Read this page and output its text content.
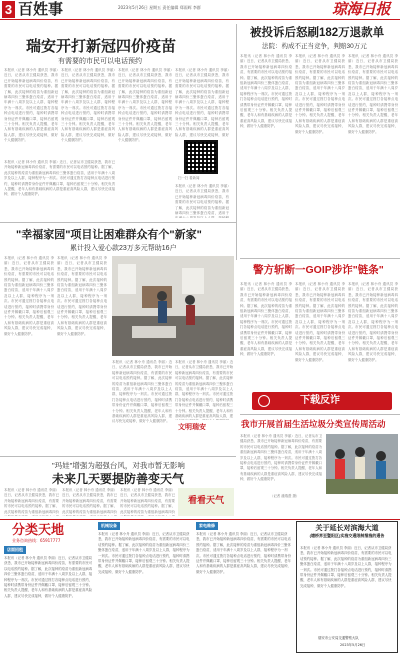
3 百姓事	2023年5月26日 星期五 责任编辑 郑雨辉 李群	琼海日报
瑞安开打新冠四价疫苗
有需要的市民可以电话预约
本报讯（记者 林小舟 通讯员 李丽）近日，记者从市卫健局获悉，我市已开始接种新冠病毒四价疫苗，有需要的市民可以电话预约接种。据了解，此次接种的疫苗为重组新冠病毒四价三聚体蛋白疫苗，适用于年满十八周岁及以上人群，接种程序为一剂次。市民可通过拨打各接种点电话进行预约，接种时请携带身份证件并佩戴口罩，接种后留观三十分钟。相关负责人提醒，老年人和有基础疾病的人群是重症高风险人群，建议尽快完成接种，做好个人健康防护。
本报讯（记者 林小舟 通讯员 李丽）近日，记者从市卫健局获悉，我市已开始接种新冠病毒四价疫苗，有需要的市民可以电话预约接种。据了解，此次接种的疫苗为重组新冠病毒四价三聚体蛋白疫苗，适用于年满十八周岁及以上人群，接种程序为一剂次。市民可通过拨打各接种点电话进行预约，接种时请携带身份证件并佩戴口罩，接种后留观三十分钟。相关负责人提醒，老年人和有基础疾病的人群是重症高风险人群，建议尽快完成接种，做好个人健康防护。
本报讯（记者 林小舟 通讯员 李丽）近日，记者从市卫健局获悉，我市已开始接种新冠病毒四价疫苗，有需要的市民可以电话预约接种。据了解，此次接种的疫苗为重组新冠病毒四价三聚体蛋白疫苗，适用于年满十八周岁及以上人群，接种程序为一剂次。市民可通过拨打各接种点电话进行预约，接种时请携带身份证件并佩戴口罩，接种后留观三十分钟。相关负责人提醒，老年人和有基础疾病的人群是重症高风险人群，建议尽快完成接种，做好个人健康防护。
本报讯（记者 林小舟 通讯员 李丽）近日，记者从市卫健局获悉，我市已开始接种新冠病毒四价疫苗，有需要的市民可以电话预约接种。据了解，此次接种的疫苗为重组新冠病毒四价三聚体蛋白疫苗，适用于年满十八周岁及以上人群，接种程序为一剂次。市民可通过拨打各接种点电话进行预约，接种时请携带身份证件并佩戴口罩，接种后留观三十分钟。相关负责人提醒，老年人和有基础疾病的人群是重症高风险人群，建议尽快完成接种，做好
本报讯（记者 林小舟 通讯员 李丽）近日，记者从市卫健局获悉，我市已开始接种新冠病毒四价疫苗，有需要的市民可以电话预约接种。据了解，此次接种的疫苗为重组新冠病毒四价三聚体蛋白疫苗，适用于年满十八周岁及以上人群，接种程序为一剂次。市民可通过拨打各接种点电话进行预约，接种时请携带身份证件并佩戴口罩，接种后留观三十分钟。相关负责人提醒，老年人和有基础疾病的人群是重症高风险人群，建议尽快完成接种，做好个人健康防护。
扫一扫 看新闻
本报讯（记者 林小舟 通讯员 李丽）近日，记者从市卫健局获悉，我市已开始接种新冠病毒四价疫苗，有需要的市民可以电话预约接种。据了解，此次接种的疫苗为重组新冠病毒四价三聚体蛋白疫苗，适用于
被投诉后怒刷182万退款单
法院：构成不正当竞争，判赔30万元
本报讯（记者 林小舟 通讯员 李丽）近日，记者从市卫健局获悉，我市已开始接种新冠病毒四价疫苗，有需要的市民可以电话预约接种。据了解，此次接种的疫苗为重组新冠病毒四价三聚体蛋白疫苗，适用于年满十八周岁及以上人群，接种程序为一剂次。市民可通过拨打各接种点电话进行预约，接种时请携带身份证件并佩戴口罩，接种后留观三十分钟。相关负责人提醒，老年人和有基础疾病的人群是重症高风险人群，建议尽快完成接种，做好个人健康防护。
本报讯（记者 林小舟 通讯员 李丽）近日，记者从市卫健局获悉，我市已开始接种新冠病毒四价疫苗，有需要的市民可以电话预约接种。据了解，此次接种的疫苗为重组新冠病毒四价三聚体蛋白疫苗，适用于年满十八周岁及以上人群，接种程序为一剂次。市民可通过拨打各接种点电话进行预约，接种时请携带身份证件并佩戴口罩，接种后留观三十分钟。相关负责人提醒，老年人和有基础疾病的人群是重症高风险人群，建议尽快完成接种，做好个人健康防护。
本报讯（记者 林小舟 通讯员 李丽）近日，记者从市卫健局获悉，我市已开始接种新冠病毒四价疫苗，有需要的市民可以电话预约接种。据了解，此次接种的疫苗为重组新冠病毒四价三聚体蛋白疫苗，适用于年满十八周岁及以上人群，接种程序为一剂次。市民可通过拨打各接种点电话进行预约，接种时请携带身份证件并佩戴口罩，接种后留观三十分钟。相关负责人提醒，老年人和有基础疾病的人群是重症高风险人群，建议尽快完成接种，做好个人健康防护。
"幸福家园"项目让困难群众有个"新家"
累计投入爱心款23万多元帮助16户
本报讯（记者 林小舟 通讯员 李丽）近日，记者从市卫健局获悉，我市已开始接种新冠病毒四价疫苗，有需要的市民可以电话预约接种。据了解，此次接种的疫苗为重组新冠病毒四价三聚体蛋白疫苗，适用于年满十八周岁及以上人群，接种程序为一剂次。市民可通过拨打各接种点电话进行预约，接种时请携带身份证件并佩戴口罩，接种后留观三十分钟。相关负责人提醒，老年人和有基础疾病的人群是重症高风险人群，建议尽快完成接种，做好个人健康防护。
本报讯（记者 林小舟 通讯员 李丽）近日，记者从市卫健局获悉，我市已开始接种新冠病毒四价疫苗，有需要的市民可以电话预约接种。据了解，此次接种的疫苗为重组新冠病毒四价三聚体蛋白疫苗，适用于年满十八周岁及以上人群，接种程序为一剂次。市民可通过拨打各接种点电话进行预约，接种时请携带身份证件并佩戴口罩，接种后留观三十分钟。相关负责人提醒，老年人和有基础疾病的人群是重症高风险人群，建议尽快完成接种，做好个人健康防护。
本报讯（记者 林小舟 通讯员 李丽）近日，记者从市卫健局获悉，我市已开始接种新冠病毒四价疫苗，有需要的市民可以电话预约接种。据了解，此次接种的疫苗为重组新冠病毒四价三聚体蛋白疫苗，适用于年满十八周岁及以上人群，接种程序为一剂次。市民可通过拨打各接种点电话进行预约，接种时请携带身份证件并佩戴口罩，接种后留观三十分钟。相关负责人提醒，老年人和有基础疾病的人群是重症高风险人群，建议尽快完成接种，做好个人健康防护。
本报讯（记者 林小舟 通讯员 李丽）近日，记者从市卫健局获悉，我市已开始接种新冠病毒四价疫苗，有需要的市民可以电话预约接种。据了解，此次接种的疫苗为重组新冠病毒四价三聚体蛋白疫苗，适用于年满十八周岁及以上人群，接种程序为一剂次。市民可通过拨打各接种点电话进行预约，接种时请携带身份证件并佩戴口罩，接种后留观三十分钟。相关负责人提醒，老年人和有基础疾病的人群是重症高风险人群，建
文明瑞安
警方斩断一GOIP涉诈"链条"
本报讯（记者 林小舟 通讯员 李丽）近日，记者从市卫健局获悉，我市已开始接种新冠病毒四价疫苗，有需要的市民可以电话预约接种。据了解，此次接种的疫苗为重组新冠病毒四价三聚体蛋白疫苗，适用于年满十八周岁及以上人群，接种程序为一剂次。市民可通过拨打各接种点电话进行预约，接种时请携带身份证件并佩戴口罩，接种后留观三十分钟。相关负责人提醒，老年人和有基础疾病的人群是重症高风险人群，建议尽快完成接种，做好个人健康防护。
本报讯（记者 林小舟 通讯员 李丽）近日，记者从市卫健局获悉，我市已开始接种新冠病毒四价疫苗，有需要的市民可以电话预约接种。据了解，此次接种的疫苗为重组新冠病毒四价三聚体蛋白疫苗，适用于年满十八周岁及以上人群，接种程序为一剂次。市民可通过拨打各接种点电话进行预约，接种时请携带身份证件并佩戴口罩，接种后留观三十分钟。相关负责人提醒，老年人和有基础疾病的人群是重症高风险人群，建议尽快完成接种，做好个人健康防护。
本报讯（记者 林小舟 通讯员 李丽）近日，记者从市卫健局获悉，我市已开始接种新冠病毒四价疫苗，有需要的市民可以电话预约接种。据了解，此次接种的疫苗为重组新冠病毒四价三聚体蛋白疫苗，适用于年满十八周岁及以上人群，接种程序为一剂次。市民可通过拨打各接种点电话进行预约，接种时请携带身份证件并佩戴口罩，接种后留观三十分钟。相关负责人提醒，老年人和有基础疾病的人群是重症高风险人群，建议尽快完成接种，做好个人健康防护。
下载反诈
我市开展首届生活垃圾分类宣传周活动
本报讯（记者 林小舟 通讯员 李丽）近日，记者从市卫健局获悉，我市已开始接种新冠病毒四价疫苗，有需要的市民可以电话预约接种。据了解，此次接种的疫苗为重组新冠病毒四价三聚体蛋白疫苗，适用于年满十八周岁及以上人群，接种程序为一剂次。市民可通过拨打各接种点电话进行预约，接种时请携带身份证件并佩戴口罩，接种后留观三十分钟。相关负责人提醒，老年人和有基础疾病的人群是重症高风险人群，建议尽快完成接种，做好个人健康防护。
（记者 潘瑞澄 摄）
"玛娃"增强为超强台风，对我市暂无影响
未来几天要提防善变天气
本报讯（记者 林小舟 通讯员 李丽）近日，记者从市卫健局获悉，我市已开始接种新冠病毒四价疫苗，有需要的市民可以电话预约接种。据了解，此次接种的疫苗为重组新冠病毒四价
本报讯（记者 林小舟 通讯员 李丽）近日，记者从市卫健局获悉，我市已开始接种新冠病毒四价疫苗，有需要的市民可以电话预约接种。据了解，此次接种的疫苗为重组新冠病毒四价
本报讯（记者 林小舟 通讯员 李丽）近日，记者从市卫健局获悉，我市已开始接种新冠病毒四价疫苗，有需要的市民可以电话预约接种。据了解，此次接种的疫苗为重组新冠病毒四价
看看天气
分类天地
业务咨询热线：65917777
店面招租
本报讯（记者 林小舟 通讯员 李丽）近日，记者从市卫健局获悉，我市已开始接种新冠病毒四价疫苗，有需要的市民可以电话预约接种。据了解，此次接种的疫苗为重组新冠病毒四价三聚体蛋白疫苗，适用于年满十八周岁及以上人群，接种程序为一剂次。市民可通过拨打各接种点电话进行预约，接种时请携带身份证件并佩戴口罩，接种后留观三十分钟。相关负责人提醒，老年人和有基础疾病的人群是重症高风险人群，建议尽快完成接种，做好个人健康防护。
机械设备
本报讯（记者 林小舟 通讯员 李丽）近日，记者从市卫健局获悉，我市已开始接种新冠病毒四价疫苗，有需要的市民可以电话预约接种。据了解，此次接种的疫苗为重组新冠病毒四价三聚体蛋白疫苗，适用于年满十八周岁及以上人群，接种程序为一剂次。市民可通过拨打各接种点电话进行预约，接种时请携带身份证件并佩戴口罩，接种后留观三十分钟。相关负责人提醒，老年人和有基础疾病的人群是重症高风险人群，建议尽快完成接种，做好个人健康防护。
家电维修
本报讯（记者 林小舟 通讯员 李丽）近日，记者从市卫健局获悉，我市已开始接种新冠病毒四价疫苗，有需要的市民可以电话预约接种。据了解，此次接种的疫苗为重组新冠病毒四价三聚体蛋白疫苗，适用于年满十八周岁及以上人群，接种程序为一剂次。市民可通过拨打各接种点电话进行预约，接种时请携带身份证件并佩戴口罩，接种后留观三十分钟。相关负责人提醒，老年人和有基础疾病的人群是重症高风险人群，建议尽快完成接种，做好个人健康防护。
关于延长对滨海大道
(塘桥界至暨阳区)实施交通限制措施的通告
本报讯（记者 林小舟 通讯员 李丽）近日，记者从市卫健局获悉，我市已开始接种新冠病毒四价疫苗，有需要的市民可以电话预约接种。据了解，此次接种的疫苗为重组新冠病毒四价三聚体蛋白疫苗，适用于年满十八周岁及以上人群，接种程序为一剂次。市民可通过拨打各接种点电话进行预约，接种时请携带身份证件并佩戴口罩，接种后留观三十分钟。相关负责人提醒，老年人和有基础疾病的人群是重症高风险人群，建议尽快完成接种，做好个人健康防护。
瑞安市公安局交通警察大队
2023年5月26日
